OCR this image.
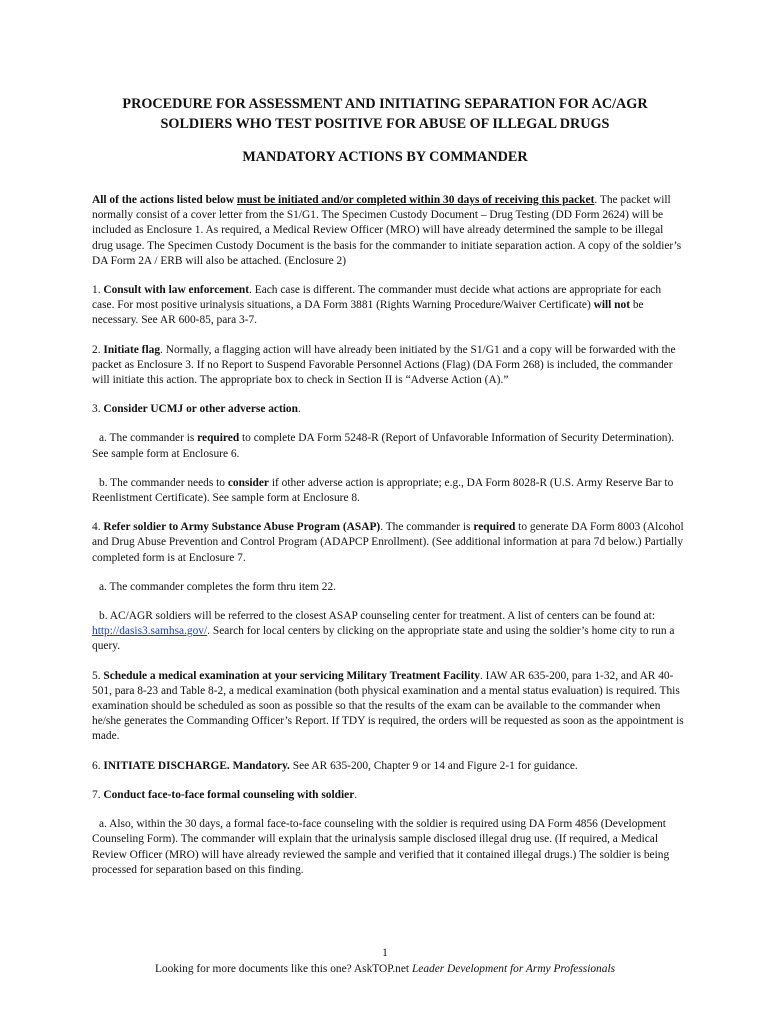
PROCEDURE FOR ASSESSMENT AND INITIATING SEPARATION FOR AC/AGR
SOLDIERS WHO TEST POSITIVE FOR ABUSE OF ILLEGAL DRUGS
MANDATORY ACTIONS BY COMMANDER

All of the actions listed below must be initiated and/or completed within 30 days of receiving this packet. The packet will normally consist of a cover letter from the S1/G1. The Specimen Custody Document – Drug Testing (DD Form 2624) will be included as Enclosure 1. As required, a Medical Review Officer (MRO) will have already determined the sample to be illegal drug usage. The Specimen Custody Document is the basis for the commander to initiate separation action. A copy of the soldier’s DA Form 2A / ERB will also be attached. (Enclosure 2)

1. Consult with law enforcement. Each case is different. The commander must decide what actions are appropriate for each case. For most positive urinalysis situations, a DA Form 3881 (Rights Warning Procedure/Waiver Certificate) will not be necessary. See AR 600-85, para 3-7.

2. Initiate flag. Normally, a flagging action will have already been initiated by the S1/G1 and a copy will be forwarded with the packet as Enclosure 3. If no Report to Suspend Favorable Personnel Actions (Flag) (DA Form 268) is included, the commander will initiate this action. The appropriate box to check in Section II is “Adverse Action (A).”

3. Consider UCMJ or other adverse action.

a. The commander is required to complete DA Form 5248-R (Report of Unfavorable Information of Security Determination). See sample form at Enclosure 6.

b. The commander needs to consider if other adverse action is appropriate; e.g., DA Form 8028-R (U.S. Army Reserve Bar to Reenlistment Certificate). See sample form at Enclosure 8.

4. Refer soldier to Army Substance Abuse Program (ASAP). The commander is required to generate DA Form 8003 (Alcohol and Drug Abuse Prevention and Control Program (ADAPCP Enrollment). (See additional information at para 7d below.) Partially completed form is at Enclosure 7.

a. The commander completes the form thru item 22.

b. AC/AGR soldiers will be referred to the closest ASAP counseling center for treatment. A list of centers can be found at: http://dasis3.samhsa.gov/. Search for local centers by clicking on the appropriate state and using the soldier’s home city to run a query.

5. Schedule a medical examination at your servicing Military Treatment Facility. IAW AR 635-200, para 1-32, and AR 40-501, para 8-23 and Table 8-2, a medical examination (both physical examination and a mental status evaluation) is required. This examination should be scheduled as soon as possible so that the results of the exam can be available to the commander when he/she generates the Commanding Officer’s Report. If TDY is required, the orders will be requested as soon as the appointment is made.

6. INITIATE DISCHARGE. Mandatory. See AR 635-200, Chapter 9 or 14 and Figure 2-1 for guidance.

7. Conduct face-to-face formal counseling with soldier.

a. Also, within the 30 days, a formal face-to-face counseling with the soldier is required using DA Form 4856 (Development Counseling Form). The commander will explain that the urinalysis sample disclosed illegal drug use. (If required, a Medical Review Officer (MRO) will have already reviewed the sample and verified that it contained illegal drugs.) The soldier is being processed for separation based on this finding.

1
Looking for more documents like this one? AskTOP.net Leader Development for Army Professionals
